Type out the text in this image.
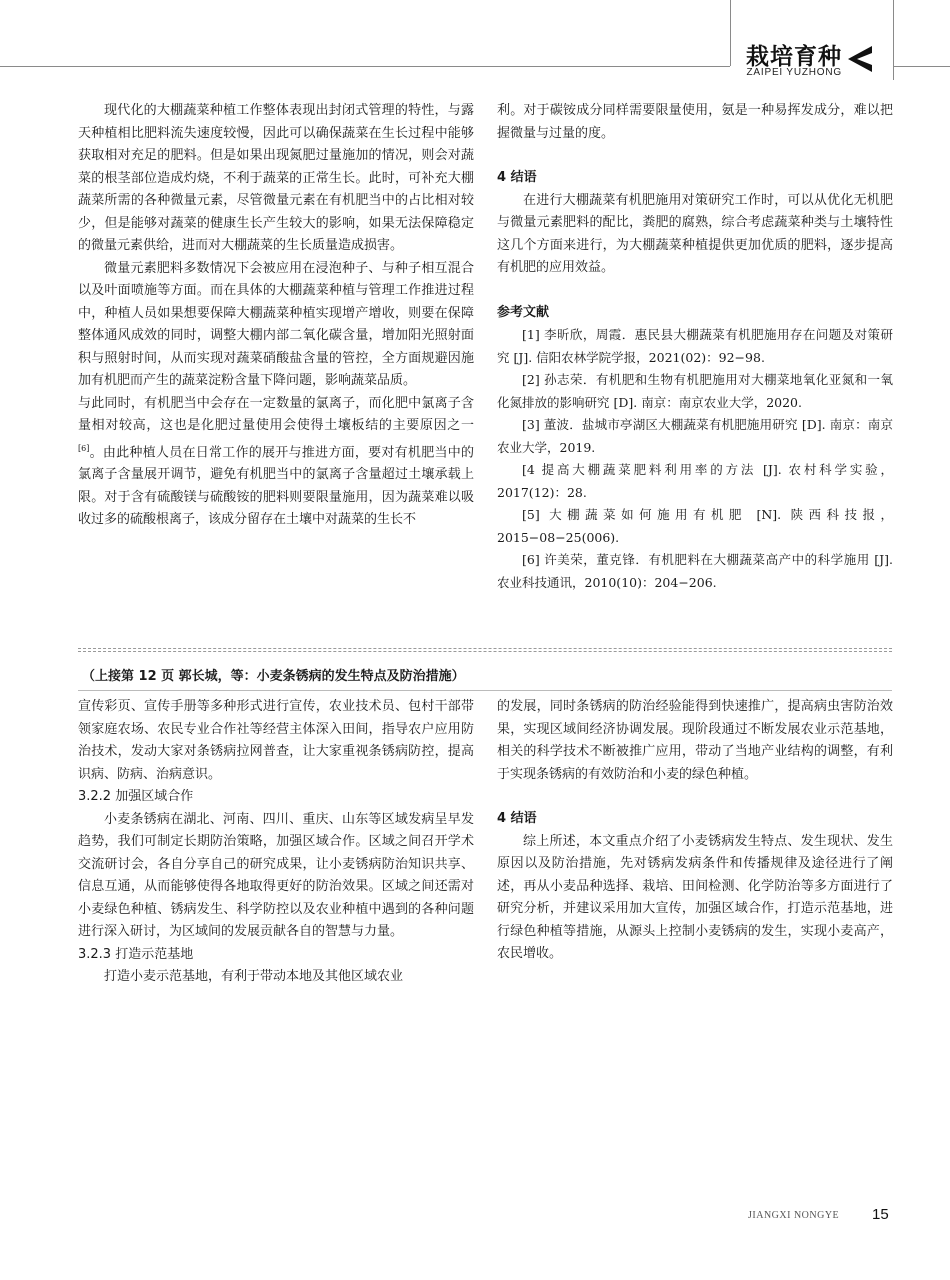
栽培育种
ZAIPEI YUZHONG

现代化的大棚蔬菜种植工作整体表现出封闭式管理的特性，与露天种植相比肥料流失速度较慢，因此可以确保蔬菜在生长过程中能够获取相对充足的肥料。但是如果出现氮肥过量施加的情况，则会对蔬菜的根茎部位造成灼烧，不利于蔬菜的正常生长。此时，可补充大棚蔬菜所需的各种微量元素，尽管微量元素在有机肥当中的占比相对较少，但是能够对蔬菜的健康生长产生较大的影响，如果无法保障稳定的微量元素供给，进而对大棚蔬菜的生长质量造成损害。

微量元素肥料多数情况下会被应用在浸泡种子、与种子相互混合以及叶面喷施等方面。而在具体的大棚蔬菜种植与管理工作推进过程中，种植人员如果想要保障大棚蔬菜种植实现增产增收，则要在保障整体通风成效的同时，调整大棚内部二氧化碳含量，增加阳光照射面积与照射时间，从而实现对蔬菜硝酸盐含量的管控，全方面规避因施加有机肥而产生的蔬菜淀粉含量下降问题，影响蔬菜品质。

与此同时，有机肥当中会存在一定数量的氯离子，而化肥中氯离子含量相对较高，这也是化肥过量使用会使得土壤板结的主要原因之一[6]。由此种植人员在日常工作的展开与推进方面，要对有机肥当中的氯离子含量展开调节，避免有机肥当中的氯离子含量超过土壤承载上限。对于含有硫酸镁与硫酸铵的肥料则要限量施用，因为蔬菜难以吸收过多的硫酸根离子，该成分留存在土壤中对蔬菜的生长不

利。对于碳铵成分同样需要限量使用，氨是一种易挥发成分，难以把握微量与过量的度。

4 结语

在进行大棚蔬菜有机肥施用对策研究工作时，可以从优化无机肥与微量元素肥料的配比，粪肥的腐熟，综合考虑蔬菜种类与土壤特性这几个方面来进行，为大棚蔬菜种植提供更加优质的肥料，逐步提高有机肥的应用效益。

参考文献

[1] 李昕欣，周霞．惠民县大棚蔬菜有机肥施用存在问题及对策研究 [J]. 信阳农林学院学报，2021(02)：92−98.

[2] 孙志荣．有机肥和生物有机肥施用对大棚菜地氧化亚氮和一氧化氮排放的影响研究 [D]. 南京：南京农业大学，2020.

[3] 董波．盐城市亭湖区大棚蔬菜有机肥施用研究 [D]. 南京：南京农业大学，2019.

[4 提高大棚蔬菜肥料利用率的方法 [J]. 农村科学实验，2017(12)：28.

[5] 大棚蔬菜如何施用有机肥 [N]. 陕西科技报，2015−08−25(006).

[6] 许美荣，董克锋．有机肥料在大棚蔬菜高产中的科学施用 [J]. 农业科技通讯，2010(10)：204−206.

（上接第 12 页 郭长城，等：小麦条锈病的发生特点及防治措施）

宣传彩页、宣传手册等多种形式进行宣传，农业技术员、包村干部带领家庭农场、农民专业合作社等经营主体深入田间，指导农户应用防治技术，发动大家对条锈病拉网普查，让大家重视条锈病防控，提高识病、防病、治病意识。

3.2.2 加强区域合作

小麦条锈病在湖北、河南、四川、重庆、山东等区域发病呈早发趋势，我们可制定长期防治策略，加强区域合作。区域之间召开学术交流研讨会，各自分享自己的研究成果，让小麦锈病防治知识共享、信息互通，从而能够使得各地取得更好的防治效果。区域之间还需对小麦绿色种植、锈病发生、科学防控以及农业种植中遇到的各种问题进行深入研讨，为区域间的发展贡献各自的智慧与力量。

3.2.3 打造示范基地

打造小麦示范基地，有利于带动本地及其他区域农业

的发展，同时条锈病的防治经验能得到快速推广，提高病虫害防治效果，实现区域间经济协调发展。现阶段通过不断发展农业示范基地，相关的科学技术不断被推广应用，带动了当地产业结构的调整，有利于实现条锈病的有效防治和小麦的绿色种植。

4 结语

综上所述，本文重点介绍了小麦锈病发生特点、发生现状、发生原因以及防治措施，先对锈病发病条件和传播规律及途径进行了阐述，再从小麦品种选择、栽培、田间检测、化学防治等多方面进行了研究分析，并建议采用加大宣传，加强区域合作，打造示范基地，进行绿色种植等措施，从源头上控制小麦锈病的发生，实现小麦高产，农民增收。

JIANGXI NONGYE 15
